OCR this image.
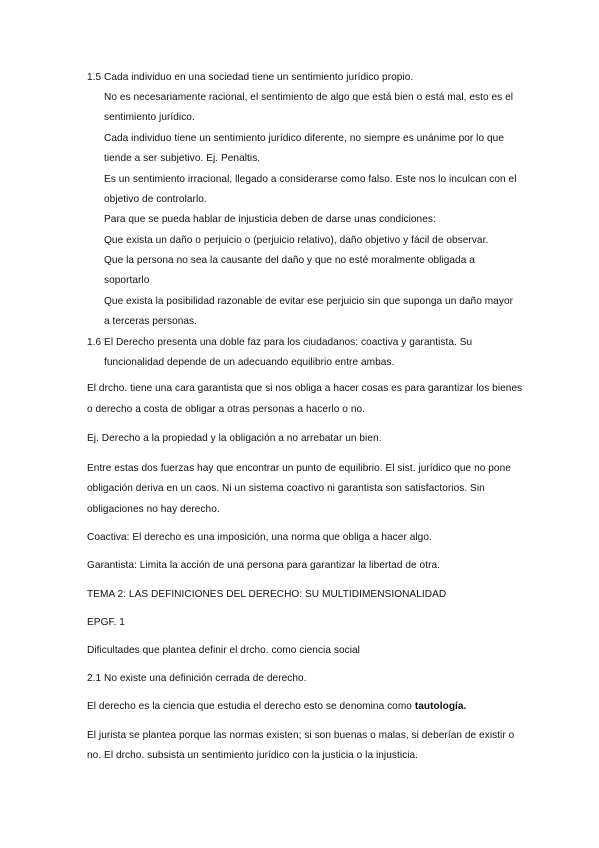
1.5 Cada individuo en una sociedad tiene un sentimiento jurídico propio.
No es necesariamente racional, el sentimiento de algo que está bien o está mal, esto es el
sentimiento jurídico.
Cada individuo tiene un sentimiento jurídico diferente, no siempre es unánime por lo que
tiende a ser subjetivo. Ej. Penaltis.
Es un sentimiento irracional, llegado a considerarse como falso. Este nos lo inculcan con el
objetivo de controlarlo.
Para que se pueda hablar de injusticia deben de darse unas condiciones:
Que exista un daño o perjuicio o (perjuicio relativo), daño objetivo y fácil de observar.
Que la persona no sea la causante del daño y que no esté moralmente obligada a
soportarlo
Que exista la posibilidad razonable de evitar ese perjuicio sin que suponga un daño mayor
a terceras personas.
1.6 El Derecho presenta una doble faz para los ciudadanos: coactiva y garantista. Su
funcionalidad depende de un adecuando equilibrio entre ambas.
El drcho. tiene una cara garantista que si nos obliga a hacer cosas es para garantizar los bienes
o derecho a costa de obligar a otras personas a hacerlo o no.
Ej. Derecho a la propiedad y la obligación a no arrebatar un bien.
Entre estas dos fuerzas hay que encontrar un punto de equilibrio. El sist. jurídico que no pone
obligación deriva en un caos. Ni un sistema coactivo ni garantista son satisfactorios. Sin
obligaciones no hay derecho.
Coactiva: El derecho es una imposición, una norma que obliga a hacer algo.
Garantista: Limita la acción de una persona para garantizar la libertad de otra.
TEMA 2: LAS DEFINICIONES DEL DERECHO: SU MULTIDIMENSIONALIDAD
EPGF. 1
Dificultades que plantea definir el drcho. como ciencia social
2.1 No existe una definición cerrada de derecho.
El derecho es la ciencia que estudia el derecho esto se denomina como tautología.
El jurista se plantea porque las normas existen; si son buenas o malas, si deberían de existir o
no. El drcho. subsista un sentimiento jurídico con la justicia o la injusticia.
